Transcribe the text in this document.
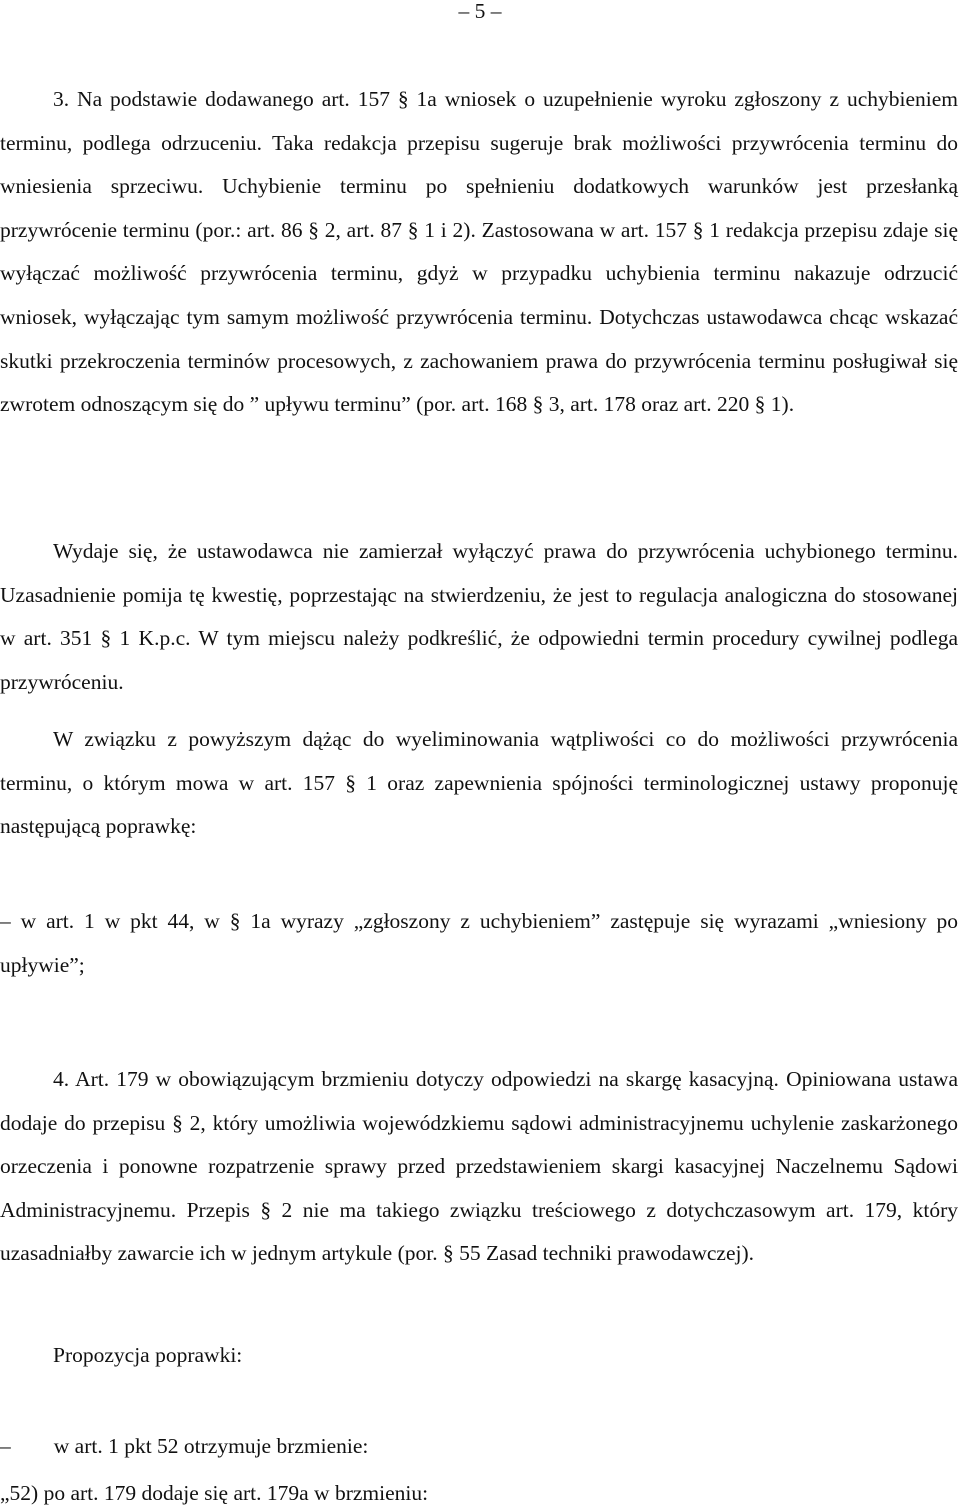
– 5 –

3. Na podstawie dodawanego art. 157 § 1a wniosek o uzupełnienie wyroku zgłoszony z uchybieniem terminu, podlega odrzuceniu. Taka redakcja przepisu sugeruje brak możliwości przywrócenia terminu do wniesienia sprzeciwu. Uchybienie terminu po spełnieniu dodatkowych warunków jest przesłanką przywrócenie terminu (por.: art. 86 § 2, art. 87 § 1 i 2). Zastosowana w art. 157 § 1 redakcja przepisu zdaje się wyłączać możliwość przywrócenia terminu, gdyż w przypadku uchybienia terminu nakazuje odrzucić wniosek, wyłączając tym samym możliwość przywrócenia terminu. Dotychczas ustawodawca chcąc wskazać skutki przekroczenia terminów procesowych, z zachowaniem prawa do przywrócenia terminu posługiwał się zwrotem odnoszącym się do ” upływu terminu” (por. art. 168 § 3, art. 178 oraz art. 220 § 1).

Wydaje się, że ustawodawca nie zamierzał wyłączyć prawa do przywrócenia uchybionego terminu. Uzasadnienie pomija tę kwestię, poprzestając na stwierdzeniu, że jest to regulacja analogiczna do stosowanej w art. 351 § 1 K.p.c. W tym miejscu należy podkreślić, że odpowiedni termin procedury cywilnej podlega przywróceniu.

W związku z powyższym dążąc do wyeliminowania wątpliwości co do możliwości przywrócenia terminu, o którym mowa w art. 157 § 1 oraz zapewnienia spójności terminologicznej ustawy proponuję następującą poprawkę:

– w art. 1 w pkt 44, w § 1a wyrazy „zgłoszony z uchybieniem” zastępuje się wyrazami „wniesiony po upływie”;

4. Art. 179 w obowiązującym brzmieniu dotyczy odpowiedzi na skargę kasacyjną. Opiniowana ustawa dodaje do przepisu § 2, który umożliwia wojewódzkiemu sądowi administracyjnemu uchylenie zaskarżonego orzeczenia i ponowne rozpatrzenie sprawy przed przedstawieniem skargi kasacyjnej Naczelnemu Sądowi Administracyjnemu. Przepis § 2 nie ma takiego związku treściowego z dotychczasowym art. 179, który uzasadniałby zawarcie ich w jednym artykule (por. § 55 Zasad techniki prawodawczej).

Propozycja poprawki:

–        w art. 1 pkt 52 otrzymuje brzmienie:

„52) po art. 179 dodaje się art. 179a w brzmieniu:
